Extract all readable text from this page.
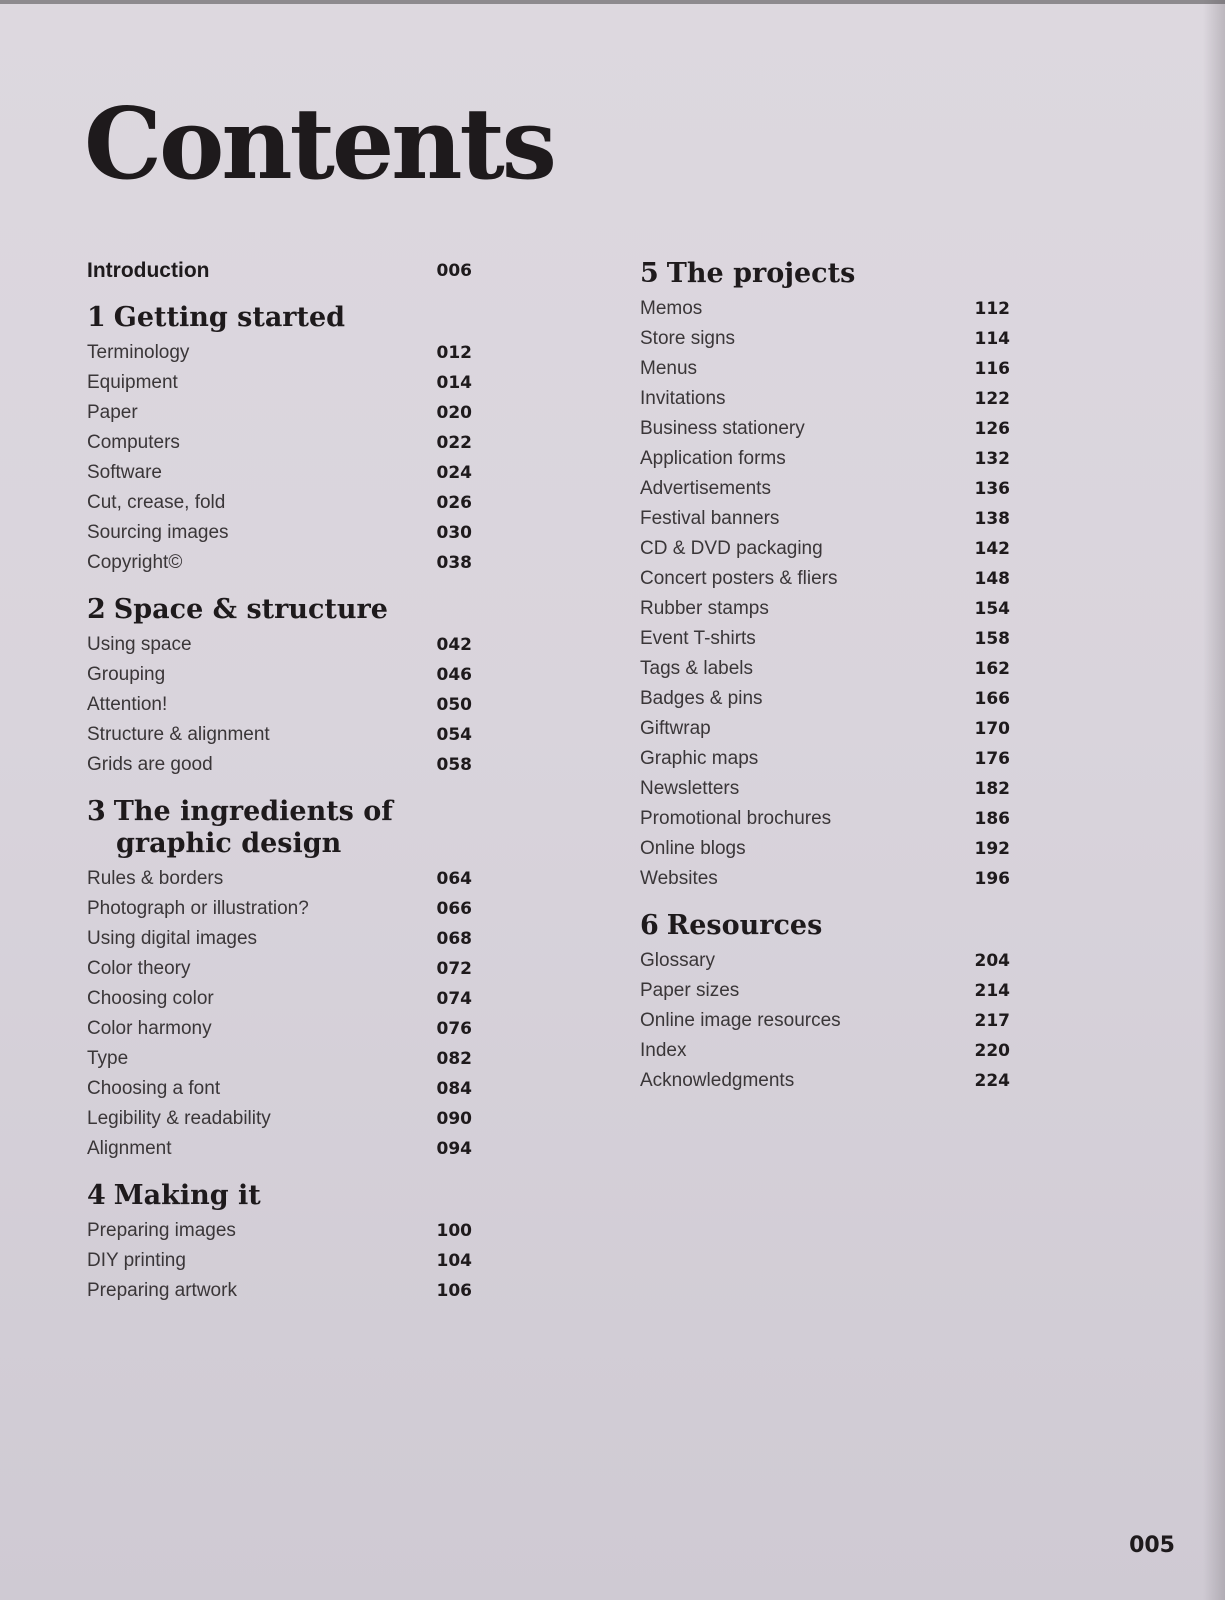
Contents
Introduction	006
1 Getting started
Terminology	012
Equipment	014
Paper	020
Computers	022
Software	024
Cut, crease, fold	026
Sourcing images	030
Copyright©	038
2 Space & structure
Using space	042
Grouping	046
Attention!	050
Structure & alignment	054
Grids are good	058
3 The ingredients of
graphic design
Rules & borders	064
Photograph or illustration?	066
Using digital images	068
Color theory	072
Choosing color	074
Color harmony	076
Type	082
Choosing a font	084
Legibility & readability	090
Alignment	094
4 Making it
Preparing images	100
DIY printing	104
Preparing artwork	106
5 The projects
Memos	112
Store signs	114
Menus	116
Invitations	122
Business stationery	126
Application forms	132
Advertisements	136
Festival banners	138
CD & DVD packaging	142
Concert posters & fliers	148
Rubber stamps	154
Event T-shirts	158
Tags & labels	162
Badges & pins	166
Giftwrap	170
Graphic maps	176
Newsletters	182
Promotional brochures	186
Online blogs	192
Websites	196
6 Resources
Glossary	204
Paper sizes	214
Online image resources	217
Index	220
Acknowledgments	224
005
